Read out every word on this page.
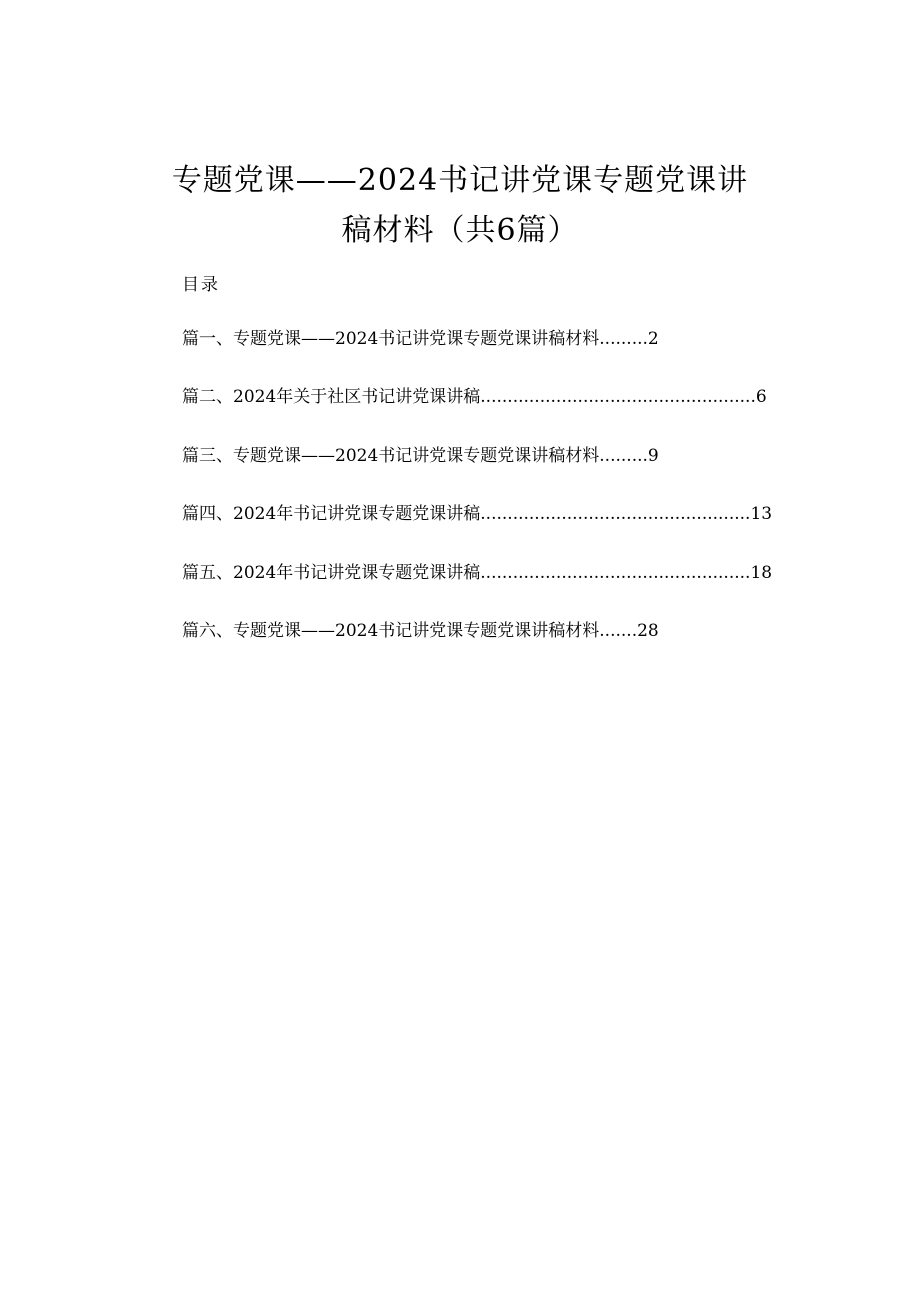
专题党课——2024书记讲党课专题党课讲
稿材料（共6篇）
目录
篇一、专题党课——2024书记讲党课专题党课讲稿材料 ......... 2
篇二、2024年关于社区书记讲党课讲稿 ................................................... 6
篇三、专题党课——2024书记讲党课专题党课讲稿材料 ......... 9
篇四、2024年书记讲党课专题党课讲稿 .................................................. 13
篇五、2024年书记讲党课专题党课讲稿 .................................................. 18
篇六、专题党课——2024书记讲党课专题党课讲稿材料 ....... 28
